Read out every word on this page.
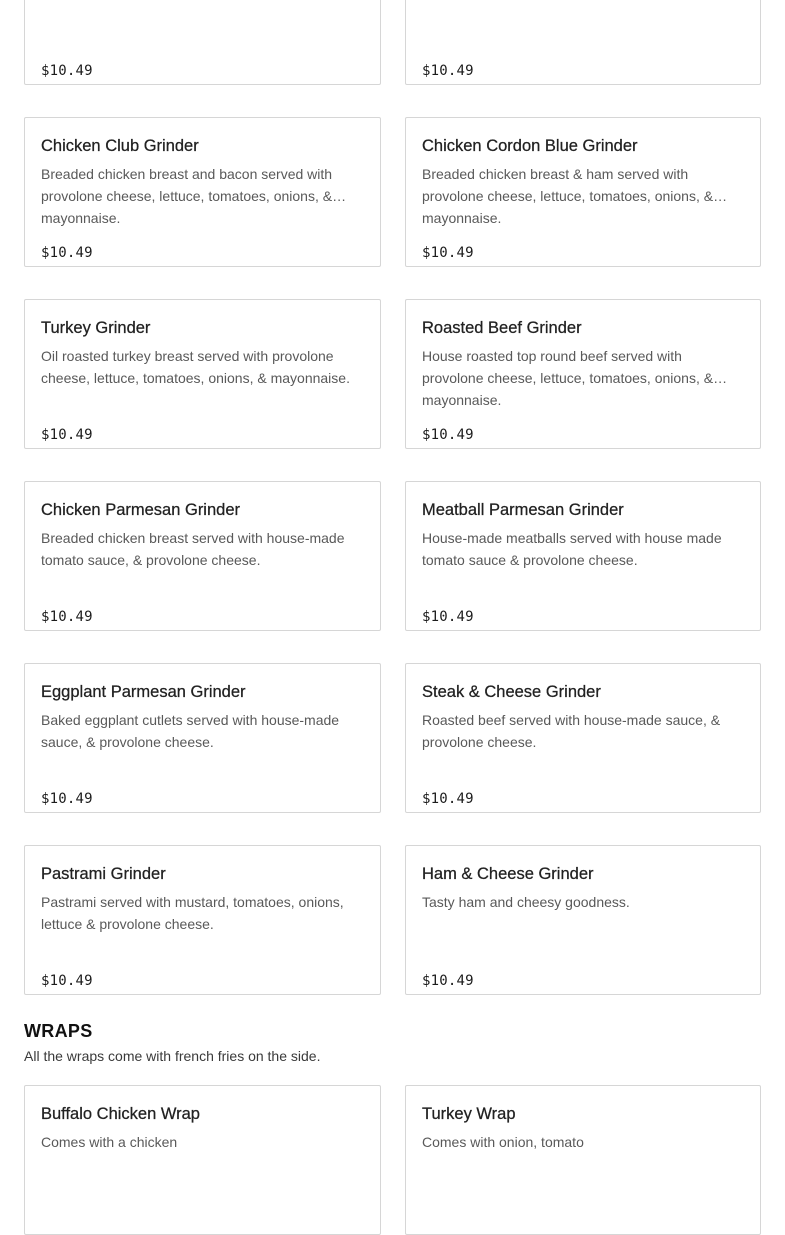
$10.49	$10.49
Chicken Club Grinder
Breaded chicken breast and bacon served with provolone cheese, lettuce, tomatoes, onions, & mayonnaise.
$10.49
Chicken Cordon Blue Grinder
Breaded chicken breast & ham served with provolone cheese, lettuce, tomatoes, onions, & mayonnaise.
$10.49
Turkey Grinder
Oil roasted turkey breast served with provolone cheese, lettuce, tomatoes, onions, & mayonnaise.
$10.49
Roasted Beef Grinder
House roasted top round beef served with provolone cheese, lettuce, tomatoes, onions, & mayonnaise.
$10.49
Chicken Parmesan Grinder
Breaded chicken breast served with house-made tomato sauce, & provolone cheese.
$10.49
Meatball Parmesan Grinder
House-made meatballs served with house made tomato sauce & provolone cheese.
$10.49
Eggplant Parmesan Grinder
Baked eggplant cutlets served with house-made sauce, & provolone cheese.
$10.49
Steak & Cheese Grinder
Roasted beef served with house-made sauce, & provolone cheese.
$10.49
Pastrami Grinder
Pastrami served with mustard, tomatoes, onions, lettuce & provolone cheese.
$10.49
Ham & Cheese Grinder
Tasty ham and cheesy goodness.
$10.49
WRAPS
All the wraps come with french fries on the side.
Buffalo Chicken Wrap
Comes with a chicken
Turkey Wrap
Comes with onion, tomato
